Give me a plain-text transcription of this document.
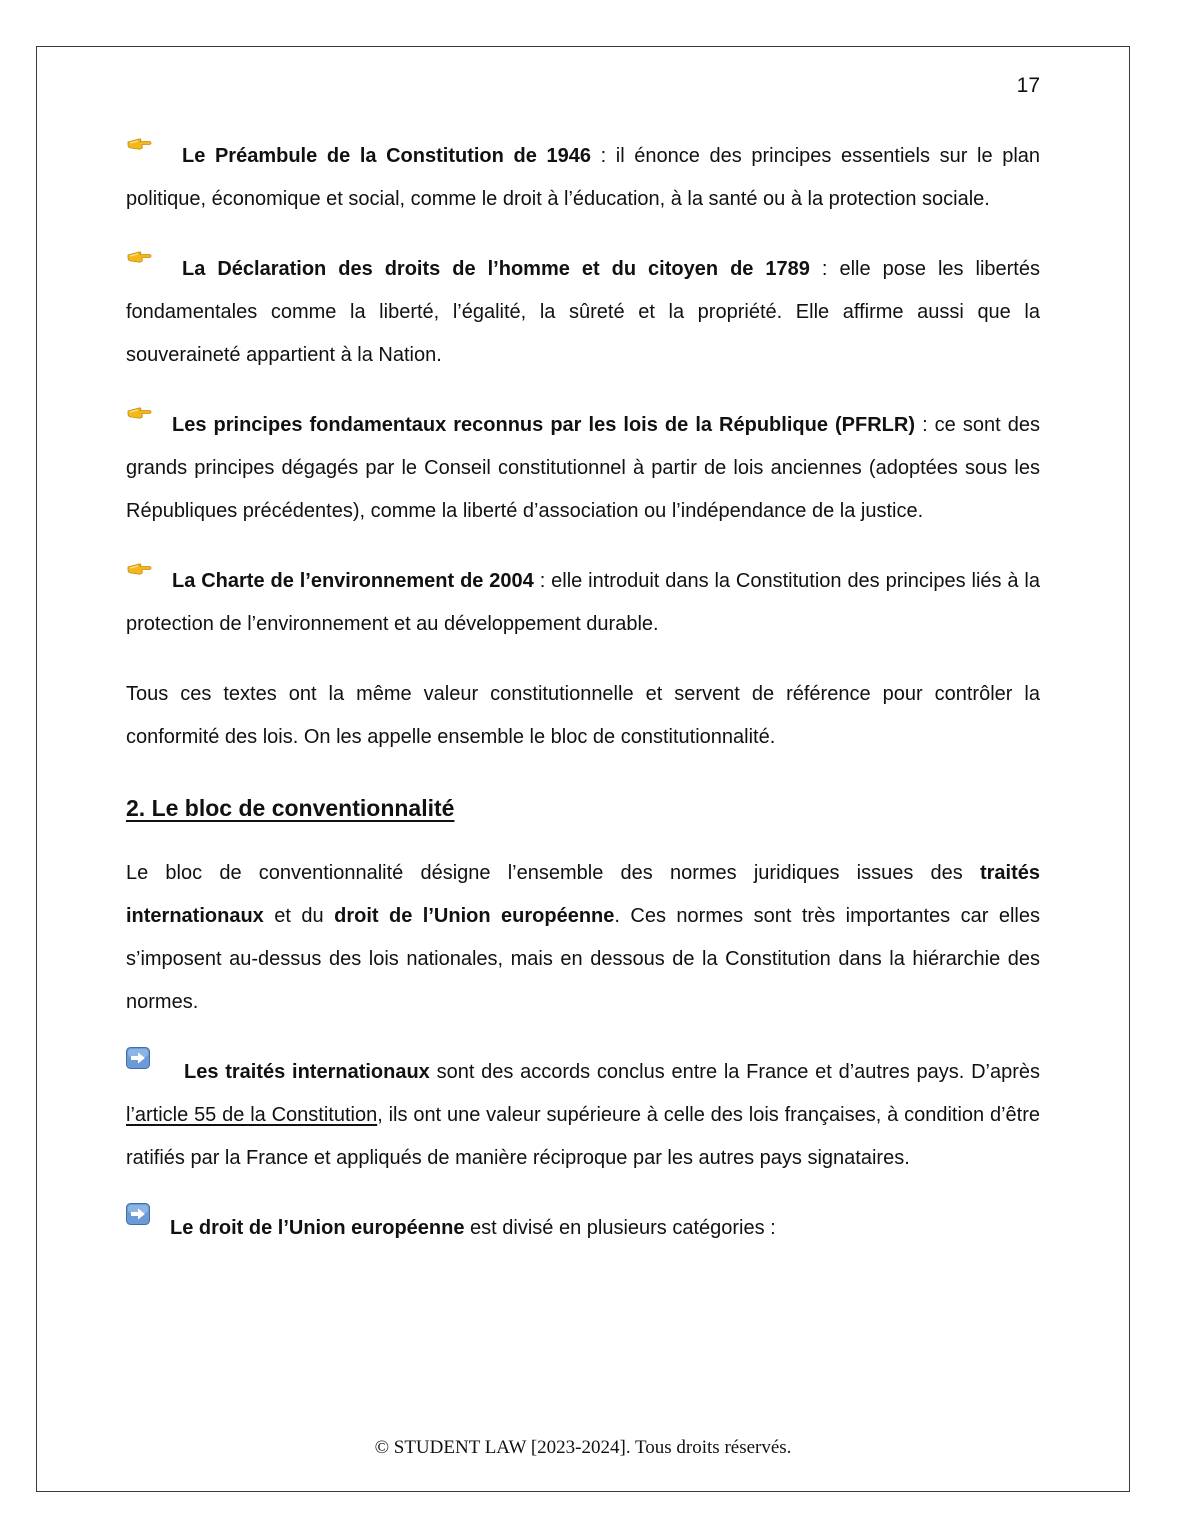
17

Le Préambule de la Constitution de 1946 : il énonce des principes essentiels sur le plan politique, économique et social, comme le droit à l’éducation, à la santé ou à la protection sociale.

La Déclaration des droits de l’homme et du citoyen de 1789 : elle pose les libertés fondamentales comme la liberté, l’égalité, la sûreté et la propriété. Elle affirme aussi que la souveraineté appartient à la Nation.

Les principes fondamentaux reconnus par les lois de la République (PFRLR) : ce sont des grands principes dégagés par le Conseil constitutionnel à partir de lois anciennes (adoptées sous les Républiques précédentes), comme la liberté d’association ou l’indépendance de la justice.

La Charte de l’environnement de 2004 : elle introduit dans la Constitution des principes liés à la protection de l’environnement et au développement durable.

Tous ces textes ont la même valeur constitutionnelle et servent de référence pour contrôler la conformité des lois. On les appelle ensemble le bloc de constitutionnalité.

2. Le bloc de conventionnalité

Le bloc de conventionnalité désigne l’ensemble des normes juridiques issues des traités internationaux et du droit de l’Union européenne. Ces normes sont très importantes car elles s’imposent au-dessus des lois nationales, mais en dessous de la Constitution dans la hiérarchie des normes.

Les traités internationaux sont des accords conclus entre la France et d’autres pays. D’après l’article 55 de la Constitution, ils ont une valeur supérieure à celle des lois françaises, à condition d’être ratifiés par la France et appliqués de manière réciproque par les autres pays signataires.

Le droit de l’Union européenne est divisé en plusieurs catégories :

© STUDENT LAW [2023-2024]. Tous droits réservés.
